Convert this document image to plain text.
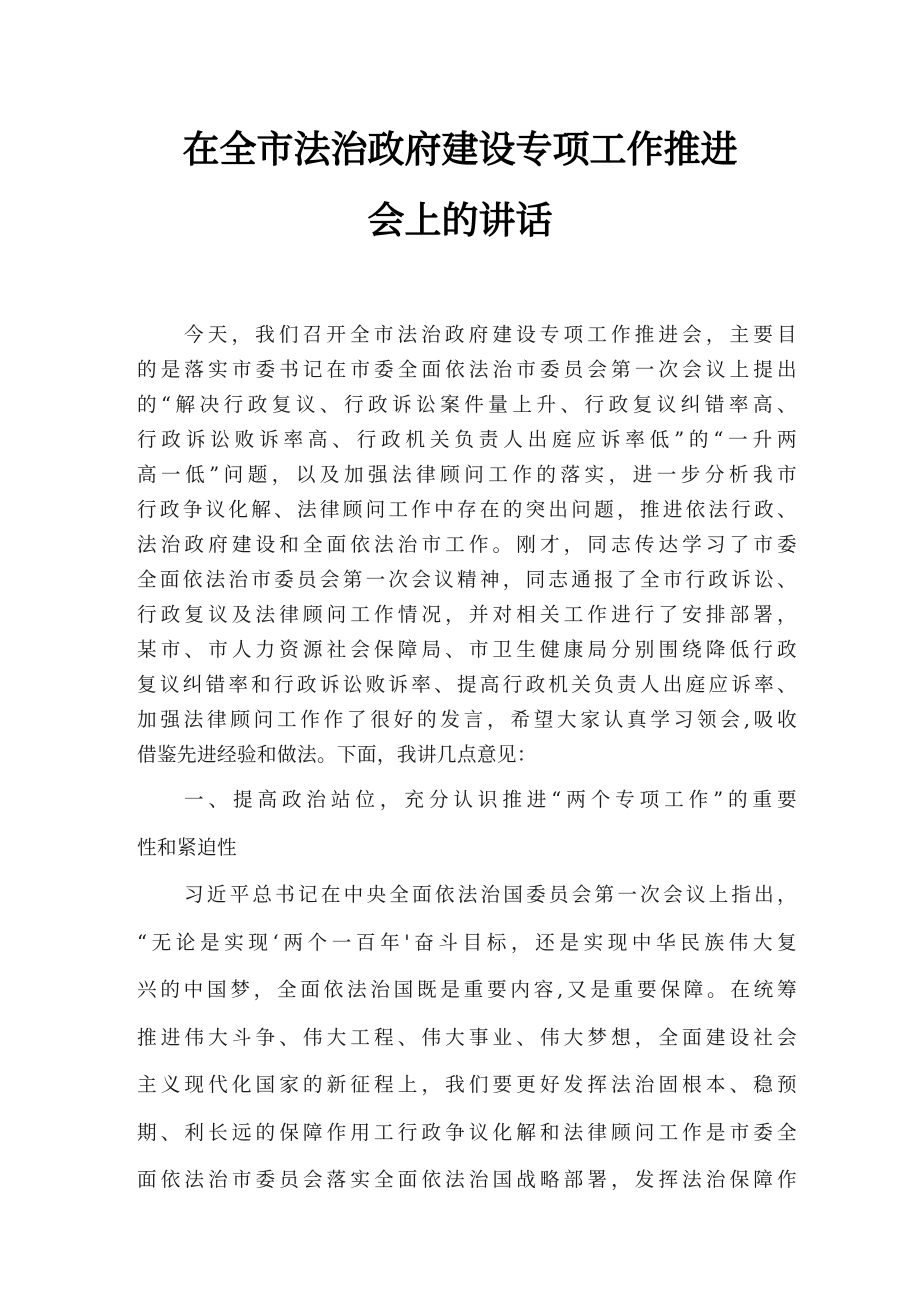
在全市法治政府建设专项工作推进
会上的讲话
今天，我们召开全市法治政府建设专项工作推进会，主要目
的是落实市委书记在市委全面依法治市委员会第一次会议上提出
的“解决行政复议、行政诉讼案件量上升、行政复议纠错率高、
行政诉讼败诉率高、行政机关负责人出庭应诉率低”的“一升两
高一低”问题，以及加强法律顾问工作的落实，进一步分析我市
行政争议化解、法律顾问工作中存在的突出问题，推进依法行政、
法治政府建设和全面依法治市工作。刚才，同志传达学习了市委
全面依法治市委员会第一次会议精神，同志通报了全市行政诉讼、
行政复议及法律顾问工作情况，并对相关工作进行了安排部署，
某市、市人力资源社会保障局、市卫生健康局分别围绕降低行政
复议纠错率和行政诉讼败诉率、提高行政机关负责人出庭应诉率、
加强法律顾问工作作了很好的发言，希望大家认真学习领会,吸收
借鉴先进经验和做法。下面，我讲几点意见：
一、提高政治站位，充分认识推进“两个专项工作”的重要
性和紧迫性
习近平总书记在中央全面依法治国委员会第一次会议上指出，
“无论是实现‘两个一百年'奋斗目标，还是实现中华民族伟大复
兴的中国梦，全面依法治国既是重要内容,又是重要保障。在统筹
推进伟大斗争、伟大工程、伟大事业、伟大梦想，全面建设社会
主义现代化国家的新征程上，我们要更好发挥法治固根本、稳预
期、利长远的保障作用工行政争议化解和法律顾问工作是市委全
面依法治市委员会落实全面依法治国战略部署，发挥法治保障作
